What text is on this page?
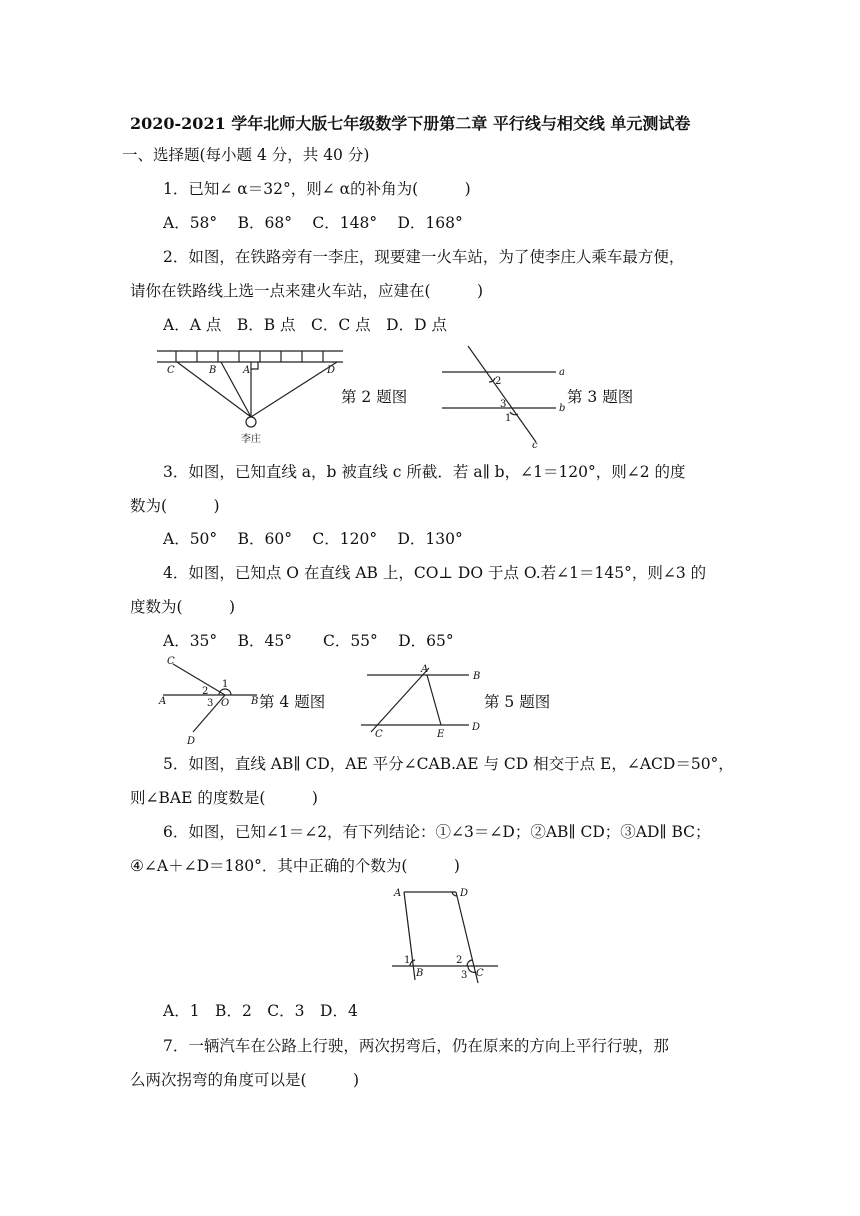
2020-2021 学年北师大版七年级数学下册第二章 平行线与相交线 单元测试卷
一、选择题(每小题 4 分，共 40 分)
1．已知∠ α＝32°，则∠ α的补角为(　　　)
A．58°　 B．68°　 C．148°　 D．168°
2．如图，在铁路旁有一李庄，现要建一火车站，为了使李庄人乘车最方便，
请你在铁路线上选一点来建火车站，应建在(　　　)
A．A 点　B．B 点　C．C 点　D．D 点
C	B	A	D
李庄
第 2 题图
a
b
c
2
3
1
第 3 题图
3．如图，已知直线 a，b 被直线 c 所截．若 a∥ b，∠1＝120°，则∠2 的度
数为(　　　)
A．50°　 B．60°　 C．120°　 D．130°
4．如图，已知点 O 在直线 AB 上，CO⊥ DO 于点 O.若∠1＝145°，则∠3 的
度数为(　　　)
A．35°　 B．45°　　C．55°　 D．65°
C
A	B
O
D
1
2
3	第 4 题图
A
B
C	E
D
第 5 题图
5．如图，直线 AB∥ CD，AE 平分∠CAB.AE 与 CD 相交于点 E，∠ACD＝50°，
则∠BAE 的度数是(　　　)
6．如图，已知∠1＝∠2，有下列结论：①∠3＝∠D；②AB∥ CD；③AD∥ BC；
④∠A＋∠D＝180°．其中正确的个数为(　　　)
A	D
B	C
1	2
3
A．1　B．2　C．3　D．4
7．一辆汽车在公路上行驶，两次拐弯后，仍在原来的方向上平行行驶，那
么两次拐弯的角度可以是(　　　)
